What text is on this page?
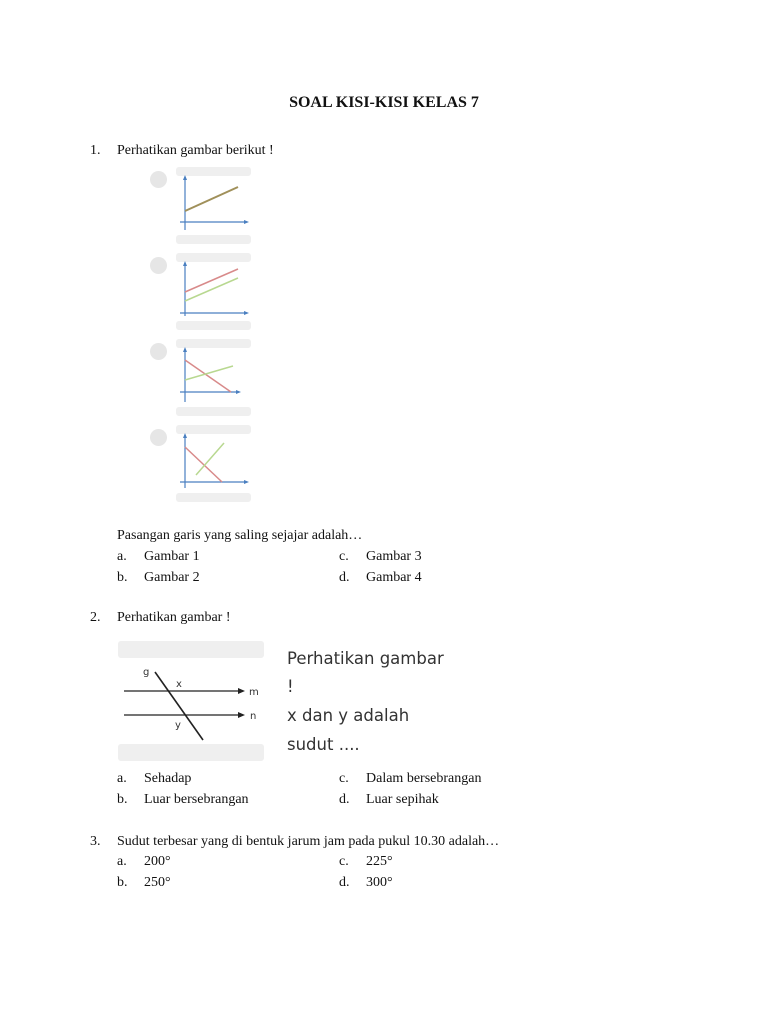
SOAL KISI-KISI KELAS 7
1. Perhatikan gambar berikut !
Pasangan garis yang saling sejajar adalah…
a. Gambar 1	c. Gambar 3
b. Gambar 2	d. Gambar 4
2. Perhatikan gambar !
g
x
m
y
n
Perhatikan gambar
!
x dan y adalah
sudut ....
a. Sehadap	c. Dalam bersebrangan
b. Luar bersebrangan	d. Luar sepihak
3. Sudut terbesar yang di bentuk jarum jam pada pukul 10.30 adalah…
a. 200°	c. 225°
b. 250°	d. 300°
